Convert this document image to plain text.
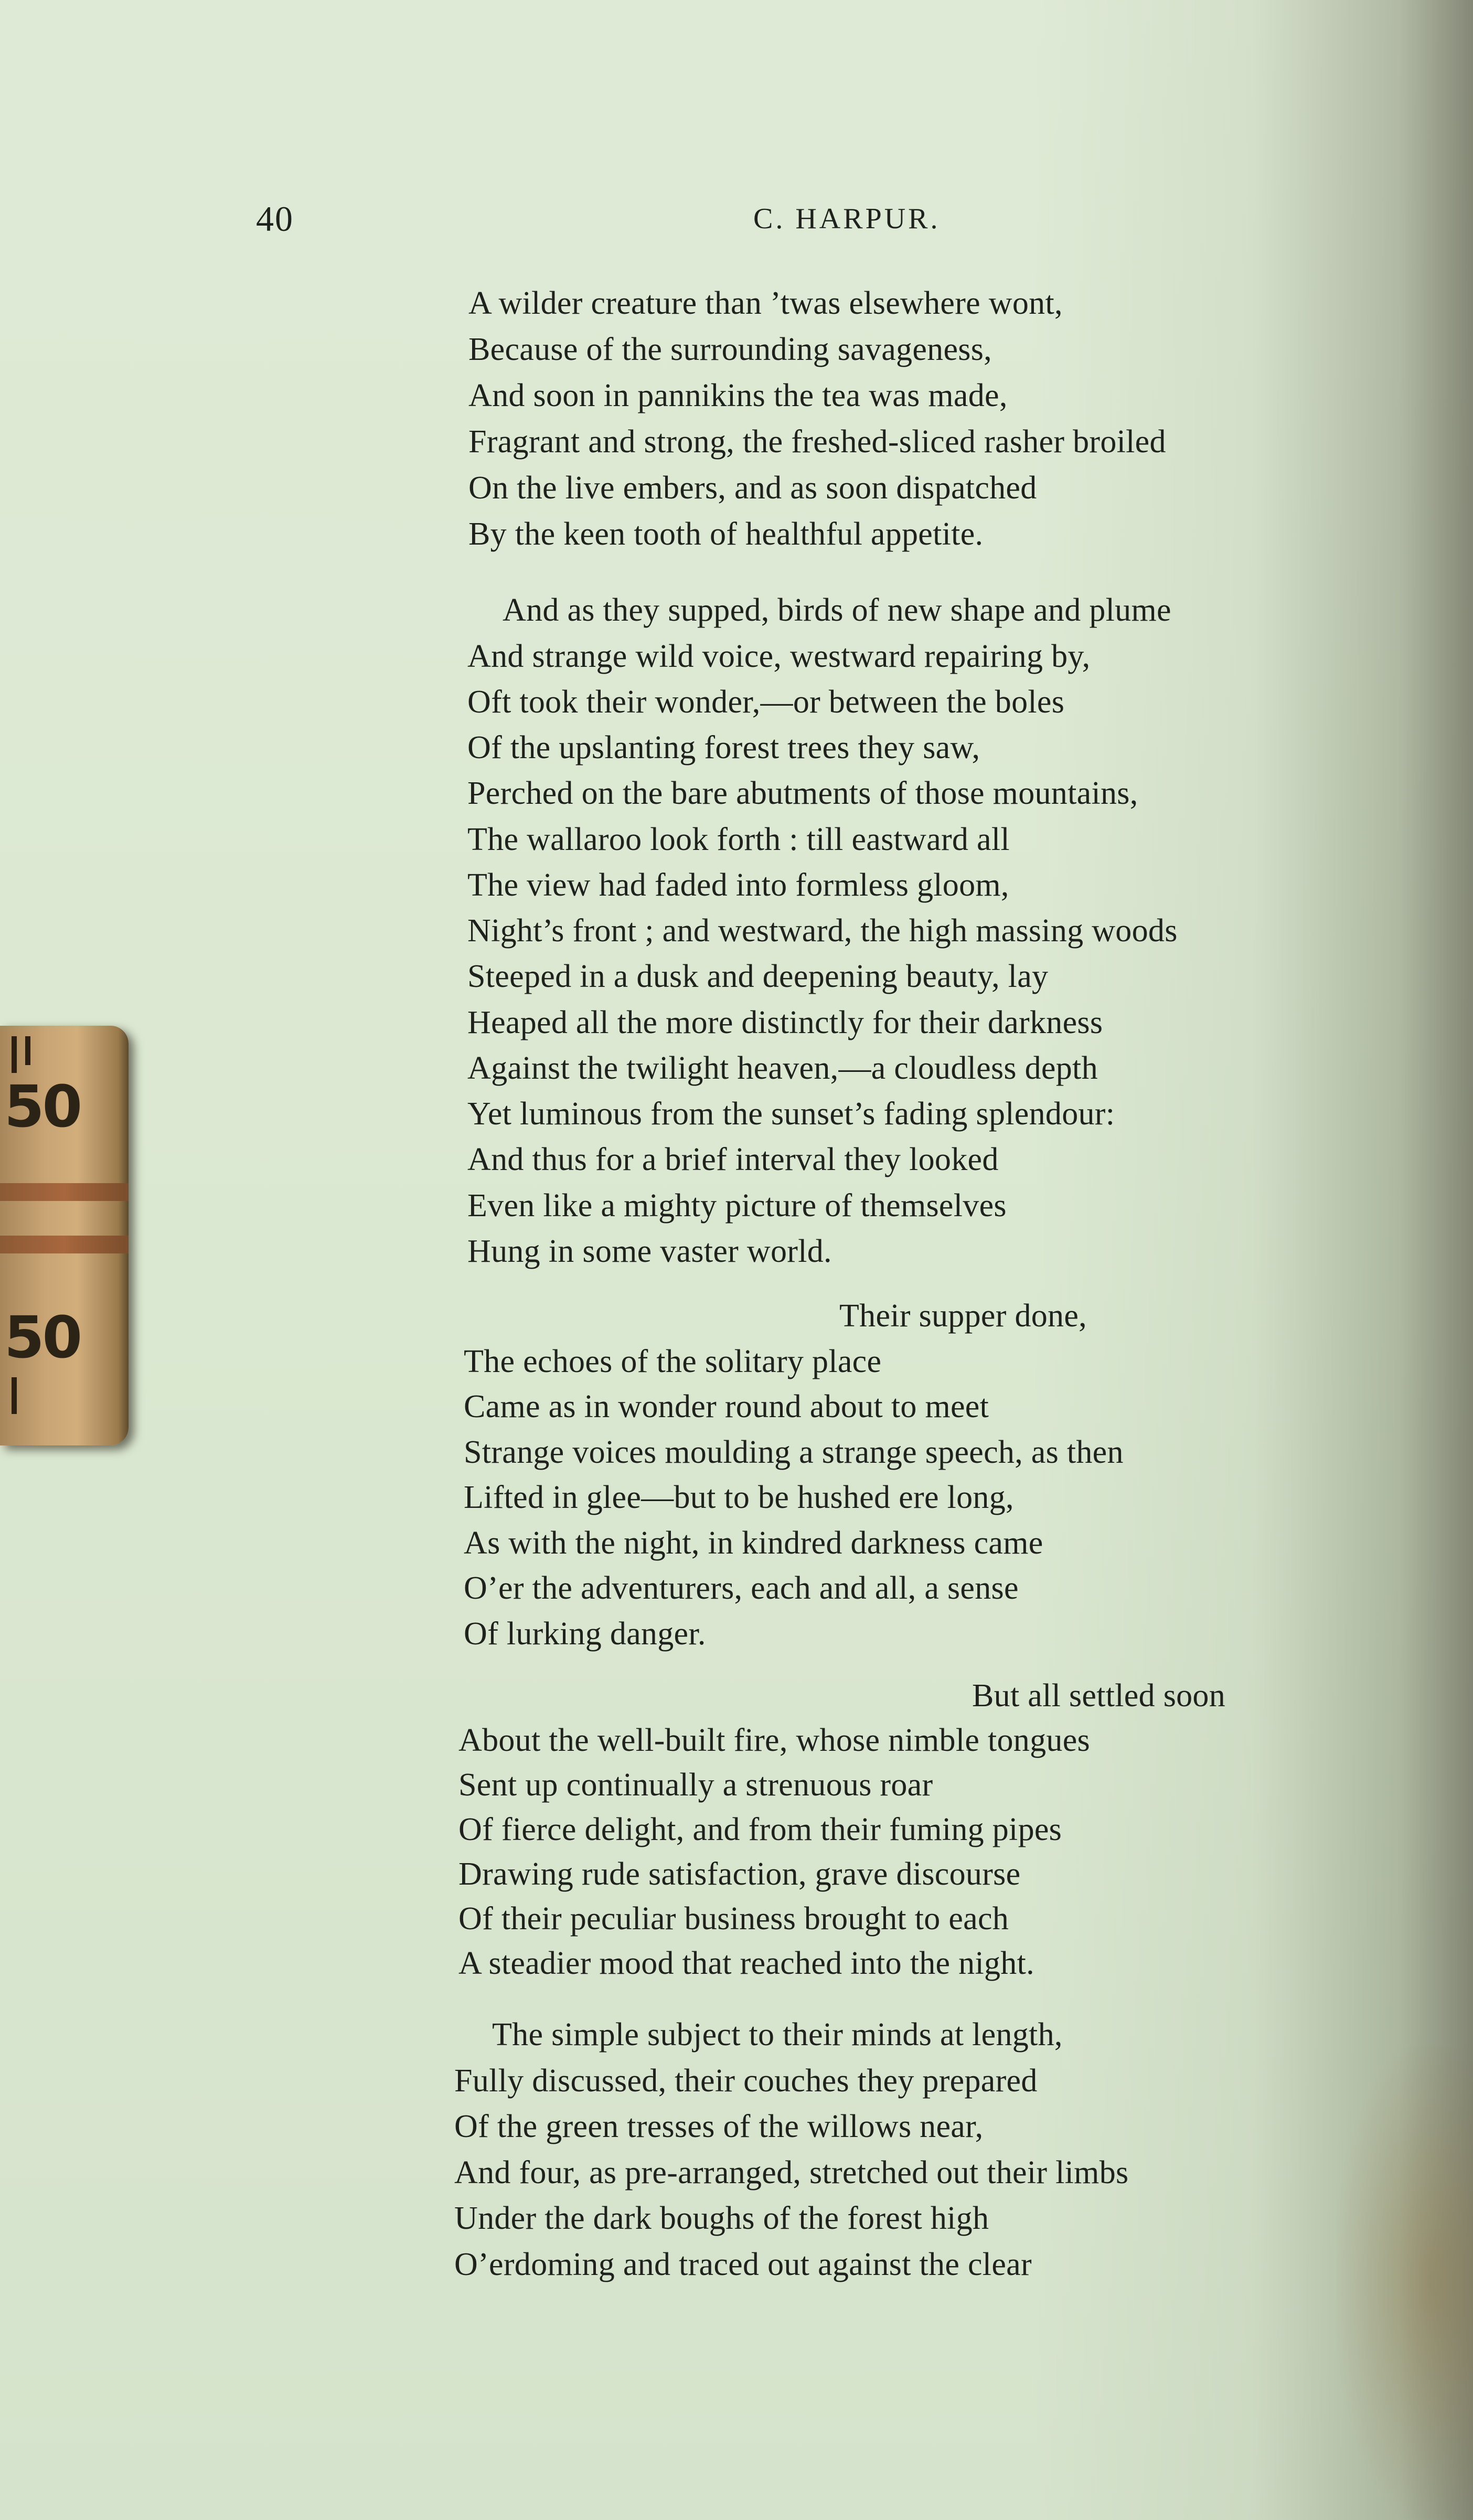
40	C. HARPUR.
A wilder creature than ’twas elsewhere wont,
Because of the surrounding savageness,
And soon in pannikins the tea was made,
Fragrant and strong, the freshed-sliced rasher broiled
On the live embers, and as soon dispatched
By the keen tooth of healthful appetite.
And as they supped, birds of new shape and plume
And strange wild voice, westward repairing by,
Oft took their wonder,—or between the boles
Of the upslanting forest trees they saw,
Perched on the bare abutments of those mountains,
The wallaroo look forth : till eastward all
The view had faded into formless gloom,
Night’s front ; and westward, the high massing woods
Steeped in a dusk and deepening beauty, lay
Heaped all the more distinctly for their darkness
Against the twilight heaven,—a cloudless depth
Yet luminous from the sunset’s fading splendour:
And thus for a brief interval they looked
Even like a mighty picture of themselves
Hung in some vaster world.
Their supper done,
The echoes of the solitary place
Came as in wonder round about to meet
Strange voices moulding a strange speech, as then
Lifted in glee—but to be hushed ere long,
As with the night, in kindred darkness came
O’er the adventurers, each and all, a sense
Of lurking danger.
But all settled soon
About the well-built fire, whose nimble tongues
Sent up continually a strenuous roar
Of fierce delight, and from their fuming pipes
Drawing rude satisfaction, grave discourse
Of their peculiar business brought to each
A steadier mood that reached into the night.
The simple subject to their minds at length,
Fully discussed, their couches they prepared
Of the green tresses of the willows near,
And four, as pre-arranged, stretched out their limbs
Under the dark boughs of the forest high
O’erdoming and traced out against the clear
50
50
